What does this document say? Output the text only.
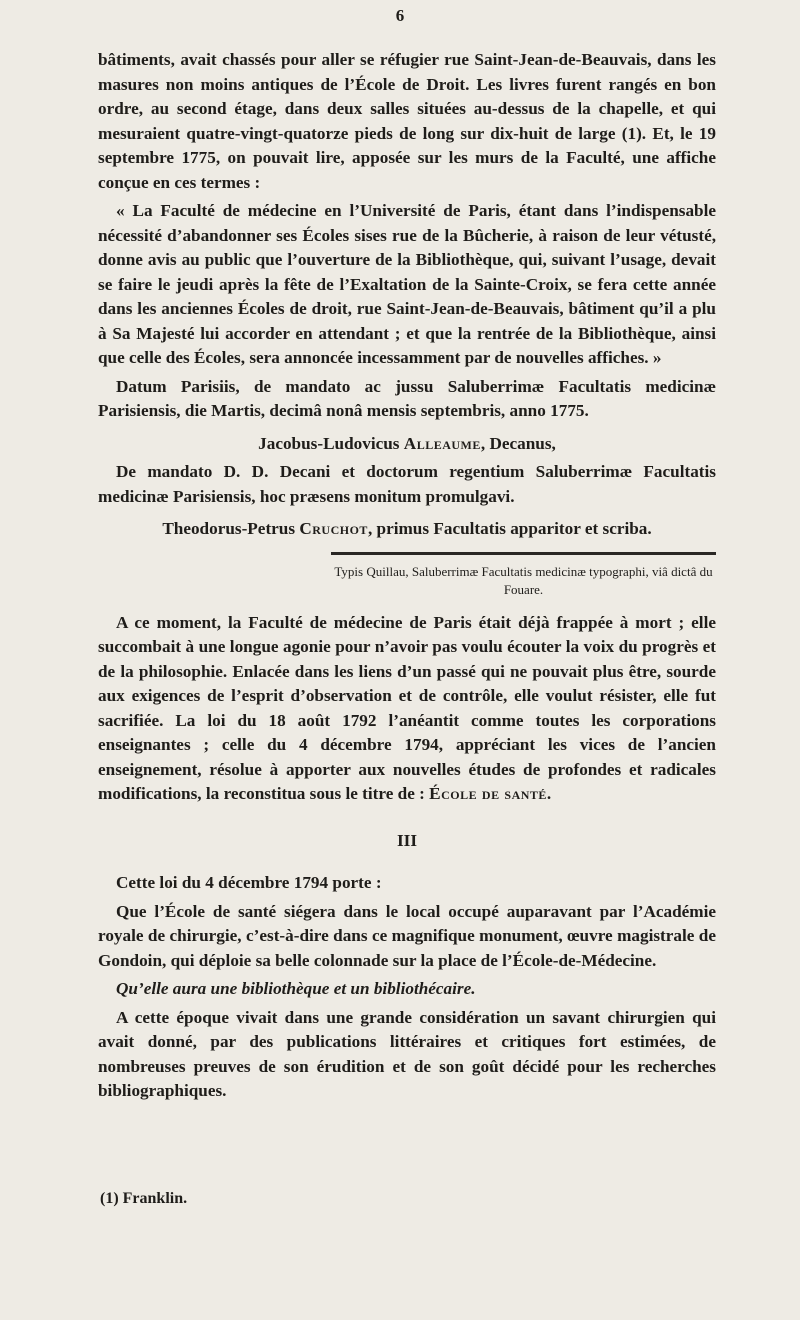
6

bâtiments, avait chassés pour aller se réfugier rue Saint-Jean-de-Beauvais, dans les masures non moins antiques de l’École de Droit. Les livres furent rangés en bon ordre, au second étage, dans deux salles situées au-dessus de la chapelle, et qui mesuraient quatre-vingt-quatorze pieds de long sur dix-huit de large (1). Et, le 19 septembre 1775, on pouvait lire, apposée sur les murs de la Faculté, une affiche conçue en ces termes :

« La Faculté de médecine en l’Université de Paris, étant dans l’indispensable nécessité d’abandonner ses Écoles sises rue de la Bûcherie, à raison de leur vétusté, donne avis au public que l’ouverture de la Bibliothèque, qui, suivant l’usage, devait se faire le jeudi après la fête de l’Exaltation de la Sainte-Croix, se fera cette année dans les anciennes Écoles de droit, rue Saint-Jean-de-Beauvais, bâtiment qu’il a plu à Sa Majesté lui accorder en attendant ; et que la rentrée de la Bibliothèque, ainsi que celle des Écoles, sera annoncée incessamment par de nouvelles affiches. »

Datum Parisiis, de mandato ac jussu Saluberrimæ Facultatis medicinæ Parisiensis, die Martis, decimâ nonâ mensis septembris, anno 1775.

Jacobus-Ludovicus Alleaume, Decanus,

De mandato D. D. Decani et doctorum regentium Saluberrimæ Facultatis medicinæ Parisiensis, hoc præsens monitum promulgavi.

Theodorus-Petrus Cruchot, primus Facultatis apparitor et scriba.

Typis Quillau, Saluberrimæ Facultatis medicinæ typographi, viâ dictâ du Fouare.

A ce moment, la Faculté de médecine de Paris était déjà frappée à mort ; elle succombait à une longue agonie pour n’avoir pas voulu écouter la voix du progrès et de la philosophie. Enlacée dans les liens d’un passé qui ne pouvait plus être, sourde aux exigences de l’esprit d’observation et de contrôle, elle voulut résister, elle fut sacrifiée. La loi du 18 août 1792 l’anéantit comme toutes les corporations enseignantes ; celle du 4 décembre 1794, appréciant les vices de l’ancien enseignement, résolue à apporter aux nouvelles études de profondes et radicales modifications, la reconstitua sous le titre de : École de santé.

III

Cette loi du 4 décembre 1794 porte :

Que l’École de santé siégera dans le local occupé auparavant par l’Académie royale de chirurgie, c’est-à-dire dans ce magnifique monument, œuvre magistrale de Gondoin, qui déploie sa belle colonnade sur la place de l’École-de-Médecine.

Qu’elle aura une bibliothèque et un bibliothécaire.

A cette époque vivait dans une grande considération un savant chirurgien qui avait donné, par des publications littéraires et critiques fort estimées, de nombreuses preuves de son érudition et de son goût décidé pour les recherches bibliographiques.

(1) Franklin.
